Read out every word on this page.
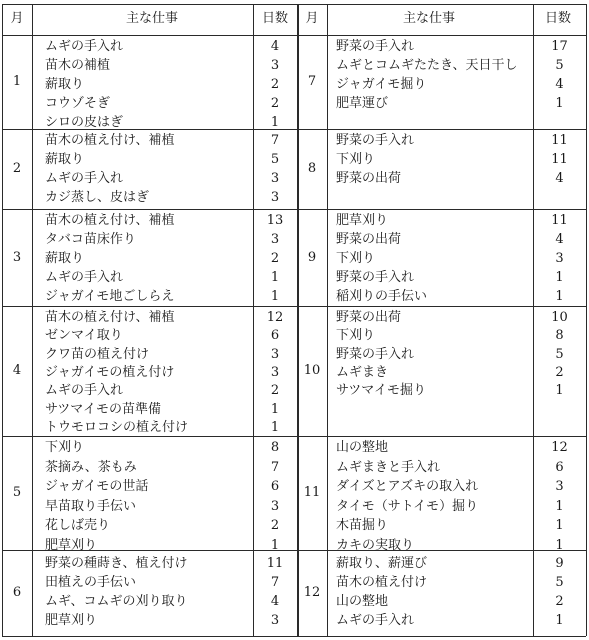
月	主な仕事	日数	月	主な仕事	日数
1
ムギの手入れ	4
苗木の補植	3
薪取り	2
コウゾそぎ	2
シロの皮はぎ	1
2
苗木の植え付け、補植	7
薪取り	5
ムギの手入れ	3
カジ蒸し、皮はぎ	3
3
苗木の植え付け、補植	13
タバコ苗床作り	3
薪取り	2
ムギの手入れ	1
ジャガイモ地ごしらえ	1
4
苗木の植え付け、補植	12
ゼンマイ取り	6
クワ苗の植え付け	3
ジャガイモの植え付け	3
ムギの手入れ	2
サツマイモの苗準備	1
トウモロコシの植え付け	1
5
下刈り	8
茶摘み、茶もみ	7
ジャガイモの世話	6
早苗取り手伝い	3
花しば売り	2
肥草刈り	1
6
野菜の種蒔き、植え付け	11
田植えの手伝い	7
ムギ、コムギの刈り取り	4
肥草刈り	3
7
野菜の手入れ	17
ムギとコムギたたき、天日干し	5
ジャガイモ掘り	4
肥草運び	1
8
野菜の手入れ	11
下刈り	11
野菜の出荷	4
9
肥草刈り	11
野菜の出荷	4
下刈り	3
野菜の手入れ	1
稲刈りの手伝い	1
10
野菜の出荷	10
下刈り	8
野菜の手入れ	5
ムギまき	2
サツマイモ掘り	1
11
山の整地	12
ムギまきと手入れ	6
ダイズとアズキの取入れ	3
タイモ（サトイモ）掘り	1
木苗掘り	1
カキの実取り	1
12
薪取り、薪運び	9
苗木の植え付け	5
山の整地	2
ムギの手入れ	1
